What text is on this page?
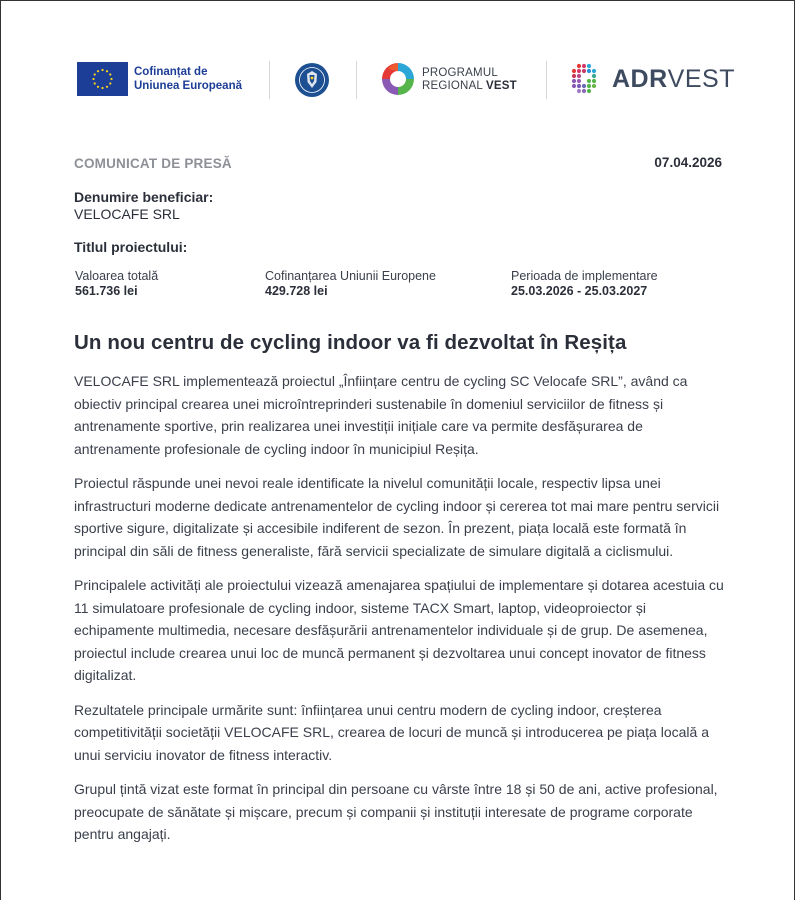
Cofinanțat de
Uniunea Europeană
PROGRAMUL
REGIONAL VEST	ADRVEST
COMUNICAT DE PRESĂ	07.04.2026
Denumire beneficiar:
VELOCAFE SRL
Titlul proiectului:
Valoarea totală
561.736 lei
Cofinanțarea Uniunii Europene
429.728 lei
Perioada de implementare
25.03.2026 - 25.03.2027
Un nou centru de cycling indoor va fi dezvoltat în Reșița

VELOCAFE SRL implementează proiectul „Înființare centru de cycling SC Velocafe SRL”, având ca obiectiv principal crearea unei microîntreprinderi sustenabile în domeniul serviciilor de fitness și antrenamente sportive, prin realizarea unei investiții inițiale care va permite desfășurarea de antrenamente profesionale de cycling indoor în municipiul Reșița.

Proiectul răspunde unei nevoi reale identificate la nivelul comunității locale, respectiv lipsa unei infrastructuri moderne dedicate antrenamentelor de cycling indoor și cererea tot mai mare pentru servicii sportive sigure, digitalizate și accesibile indiferent de sezon. În prezent, piața locală este formată în principal din săli de fitness generaliste, fără servicii specializate de simulare digitală a ciclismului.

Principalele activități ale proiectului vizează amenajarea spațiului de implementare și dotarea acestuia cu 11 simulatoare profesionale de cycling indoor, sisteme TACX Smart, laptop, videoproiector și echipamente multimedia, necesare desfășurării antrenamentelor individuale și de grup. De asemenea, proiectul include crearea unui loc de muncă permanent și dezvoltarea unui concept inovator de fitness digitalizat.

Rezultatele principale urmărite sunt: înființarea unui centru modern de cycling indoor, creșterea competitivității societății VELOCAFE SRL, crearea de locuri de muncă și introducerea pe piața locală a unui serviciu inovator de fitness interactiv.

Grupul țintă vizat este format în principal din persoane cu vârste între 18 și 50 de ani, active profesional, preocupate de sănătate și mișcare, precum și companii și instituții interesate de programe corporate pentru angajați.
